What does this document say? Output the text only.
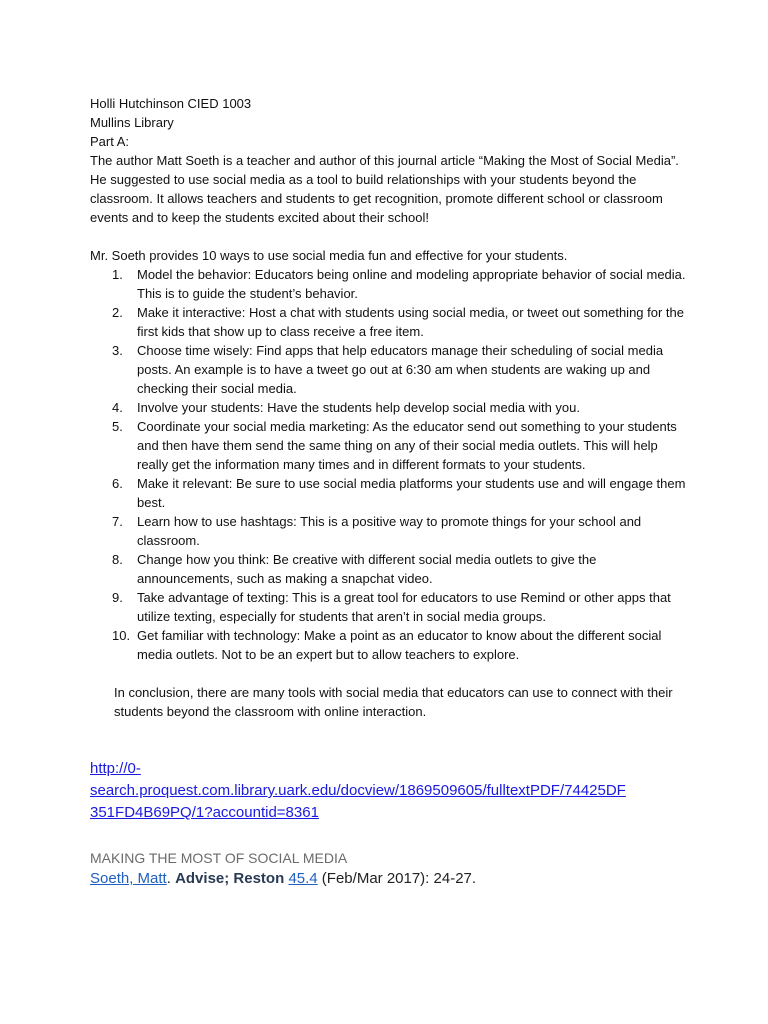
Holli Hutchinson CIED 1003

Mullins Library

Part A:

The author Matt Soeth is a teacher and author of this journal article “Making the Most of Social Media”. He suggested to use social media as a tool to build relationships with your students beyond the classroom. It allows teachers and students to get recognition, promote different school or classroom events and to keep the students excited about their school!

Mr. Soeth provides 10 ways to use social media fun and effective for your students.

1. Model the behavior: Educators being online and modeling appropriate behavior of social media. This is to guide the student’s behavior.
2. Make it interactive: Host a chat with students using social media, or tweet out something for the first kids that show up to class receive a free item.
3. Choose time wisely: Find apps that help educators manage their scheduling of social media posts. An example is to have a tweet go out at 6:30 am when students are waking up and checking their social media.
4. Involve your students: Have the students help develop social media with you.
5. Coordinate your social media marketing: As the educator send out something to your students and then have them send the same thing on any of their social media outlets. This will help really get the information many times and in different formats to your students.
6. Make it relevant: Be sure to use social media platforms your students use and will engage them best.
7. Learn how to use hashtags: This is a positive way to promote things for your school and classroom.
8. Change how you think: Be creative with different social media outlets to give the announcements, such as making a snapchat video.
9. Take advantage of texting: This is a great tool for educators to use Remind or other apps that utilize texting, especially for students that aren’t in social media groups.
10. Get familiar with technology: Make a point as an educator to know about the different social media outlets. Not to be an expert but to allow teachers to explore.

In conclusion, there are many tools with social media that educators can use to connect with their students beyond the classroom with online interaction.

http://0-
search.proquest.com.library.uark.edu/docview/1869509605/fulltextPDF/74425DF
351FD4B69PQ/1?accountid=8361
MAKING THE MOST OF SOCIAL MEDIA
Soeth, Matt. Advise; Reston 45.4 (Feb/Mar 2017): 24-27.
